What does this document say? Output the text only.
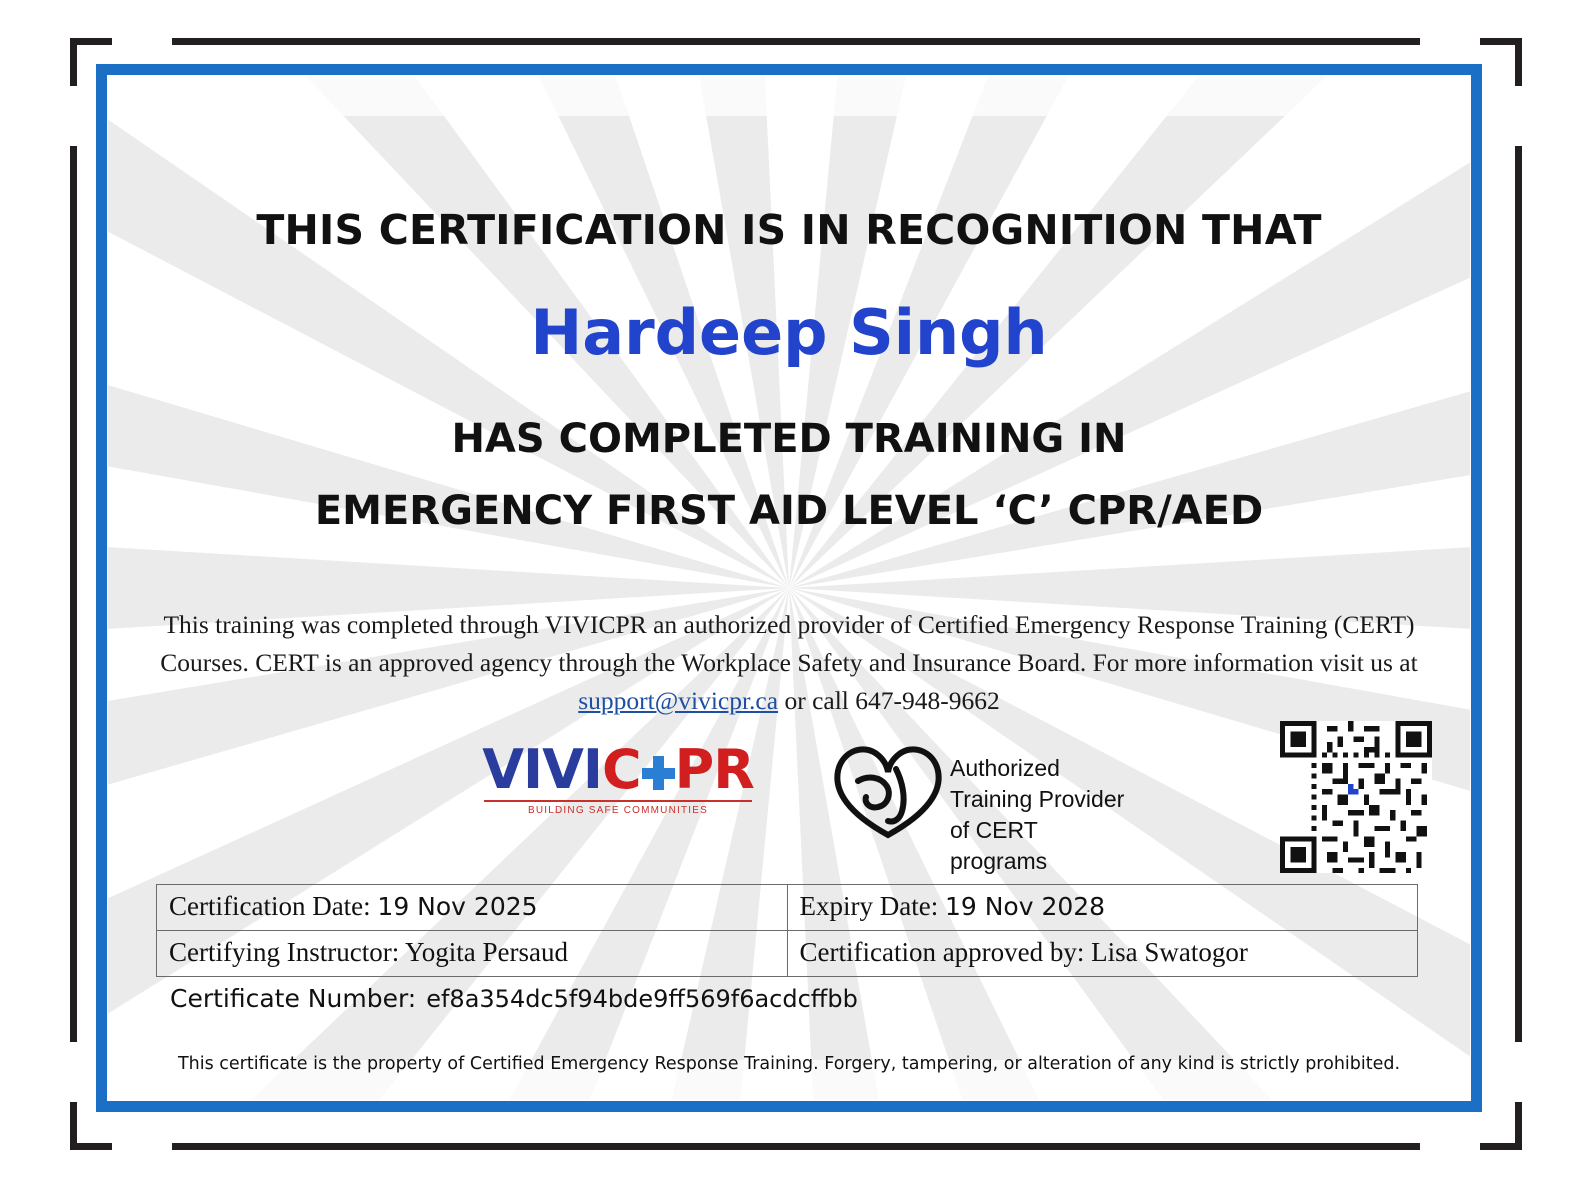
THIS CERTIFICATION IS IN RECOGNITION THAT
Hardeep Singh
HAS COMPLETED TRAINING IN
EMERGENCY FIRST AID LEVEL ‘C’ CPR/AED
This training was completed through VIVICPR an authorized provider of Certified Emergency Response Training (CERT) Courses. CERT is an approved agency through the Workplace Safety and Insurance Board. For more information visit us at support@vivicpr.ca or call 647-948-9662
VIVIC PR
BUILDING SAFE COMMUNITIES
Authorized
Training Provider
of CERT programs
Certification Date: 19 Nov 2025	Expiry Date: 19 Nov 2028
Certifying Instructor: Yogita Persaud	Certification approved by: Lisa Swatogor
Certificate Number: ef8a354dc5f94bde9ff569f6acdcffbb
This certificate is the property of Certified Emergency Response Training. Forgery, tampering, or alteration of any kind is strictly prohibited.
